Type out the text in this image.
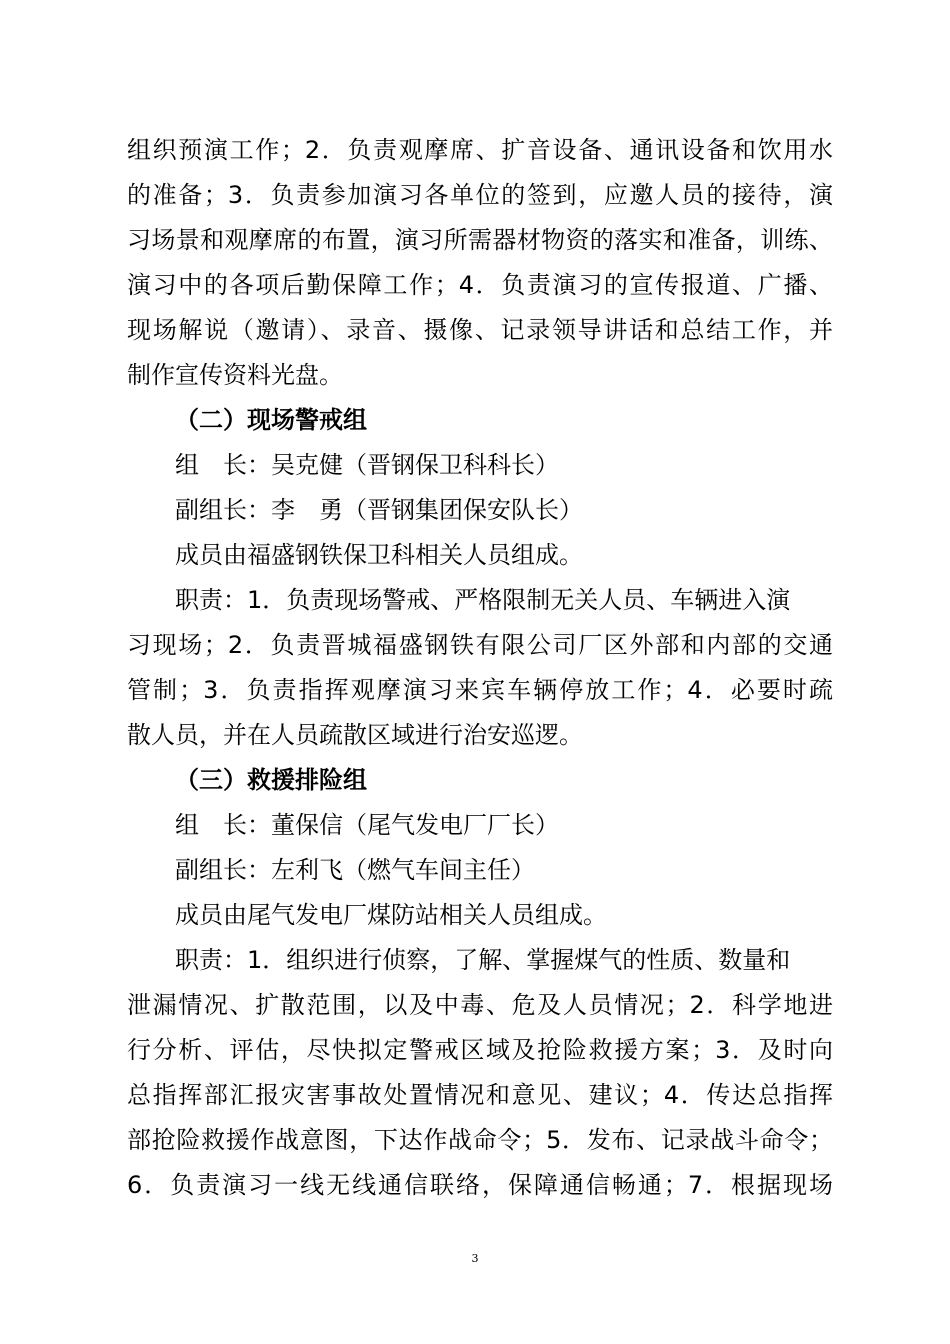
组织预演工作；2．负责观摩席、扩音设备、通讯设备和饮用水
的准备；3．负责参加演习各单位的签到，应邀人员的接待，演
习场景和观摩席的布置，演习所需器材物资的落实和准备，训练、
演习中的各项后勤保障工作；4．负责演习的宣传报道、广播、
现场解说（邀请）、录音、摄像、记录领导讲话和总结工作，并
制作宣传资料光盘。
（二）现场警戒组
组　长：吴克健（晋钢保卫科科长）
副组长：李　勇（晋钢集团保安队长）
成员由福盛钢铁保卫科相关人员组成。
职责：1．负责现场警戒、严格限制无关人员、车辆进入演
习现场；2．负责晋城福盛钢铁有限公司厂区外部和内部的交通
管制；3．负责指挥观摩演习来宾车辆停放工作；4．必要时疏
散人员，并在人员疏散区域进行治安巡逻。
（三）救援排险组
组　长：董保信（尾气发电厂厂长）
副组长：左利飞（燃气车间主任）
成员由尾气发电厂煤防站相关人员组成。
职责：1．组织进行侦察，了解、掌握煤气的性质、数量和
泄漏情况、扩散范围，以及中毒、危及人员情况；2．科学地进
行分析、评估，尽快拟定警戒区域及抢险救援方案；3．及时向
总指挥部汇报灾害事故处置情况和意见、建议；4．传达总指挥
部抢险救援作战意图，下达作战命令；5．发布、记录战斗命令；
6．负责演习一线无线通信联络，保障通信畅通；7．根据现场
3
